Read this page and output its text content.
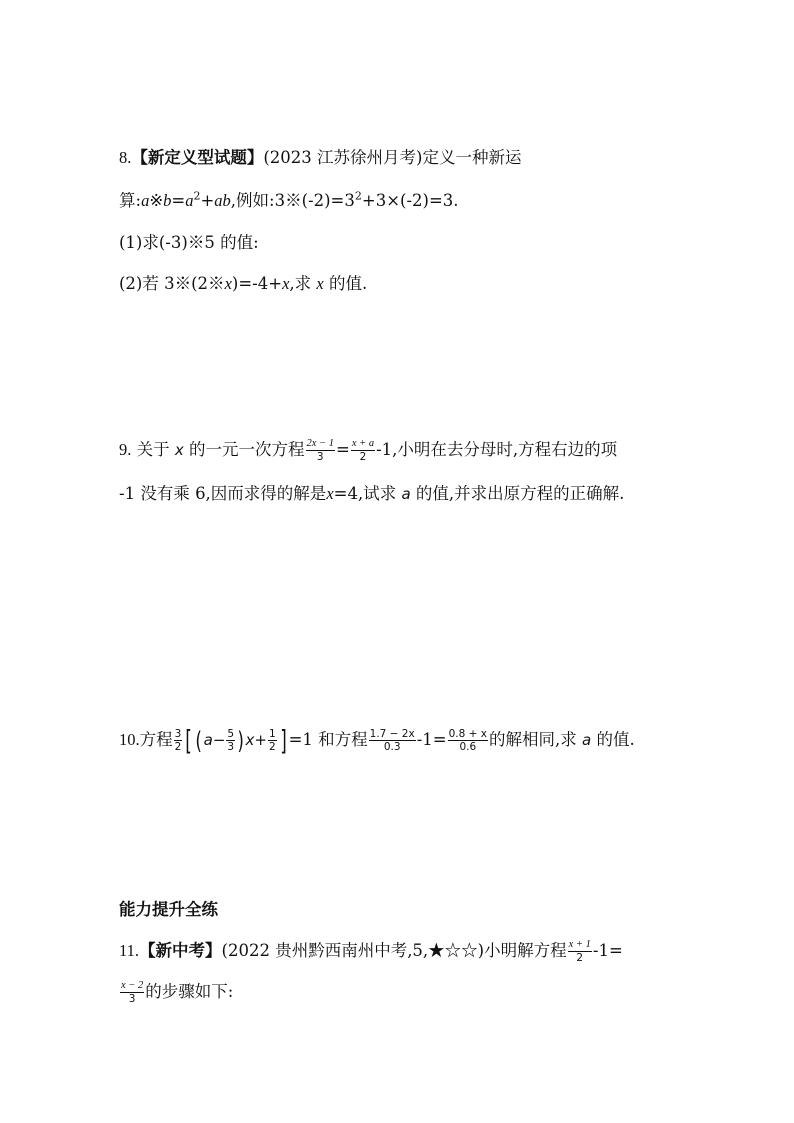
8.【新定义型试题】(2023 江苏徐州月考)定义一种新运
算$:a※b=a^2+ab$,例如$:3※(-2)=3^2+3\times(-2)=3$.
(1)求(-3)※5 的值:
(2)若 3※(2※x)=-4+x,求 x 的值.
9. 关于 x 的一元一次方程 $\frac{2x - 1}{3} = \frac{x + a}{2} -1$,小明在去分母时,方程右边的项
-1 没有乘 6,因而求得的解是x=4,试求 a 的值,并求出原方程的正确解.
10.方程 $\frac{3}{2}$ [ $(a- \frac{5}{3} )x+ \frac{1}{2}$ ] =1 和方程 $\frac{1.7 - 2x}{0.3} -1= \frac{0.8 + x}{0.6}$ 的解相同,求 a 的值.
能力提升全练
11.【新中考】(2022 贵州黔西南州中考,5,★☆☆)小明解方程 $\frac{x + 1}{2} -1=$
$\frac{x - 2}{3}$ 的步骤如下:
